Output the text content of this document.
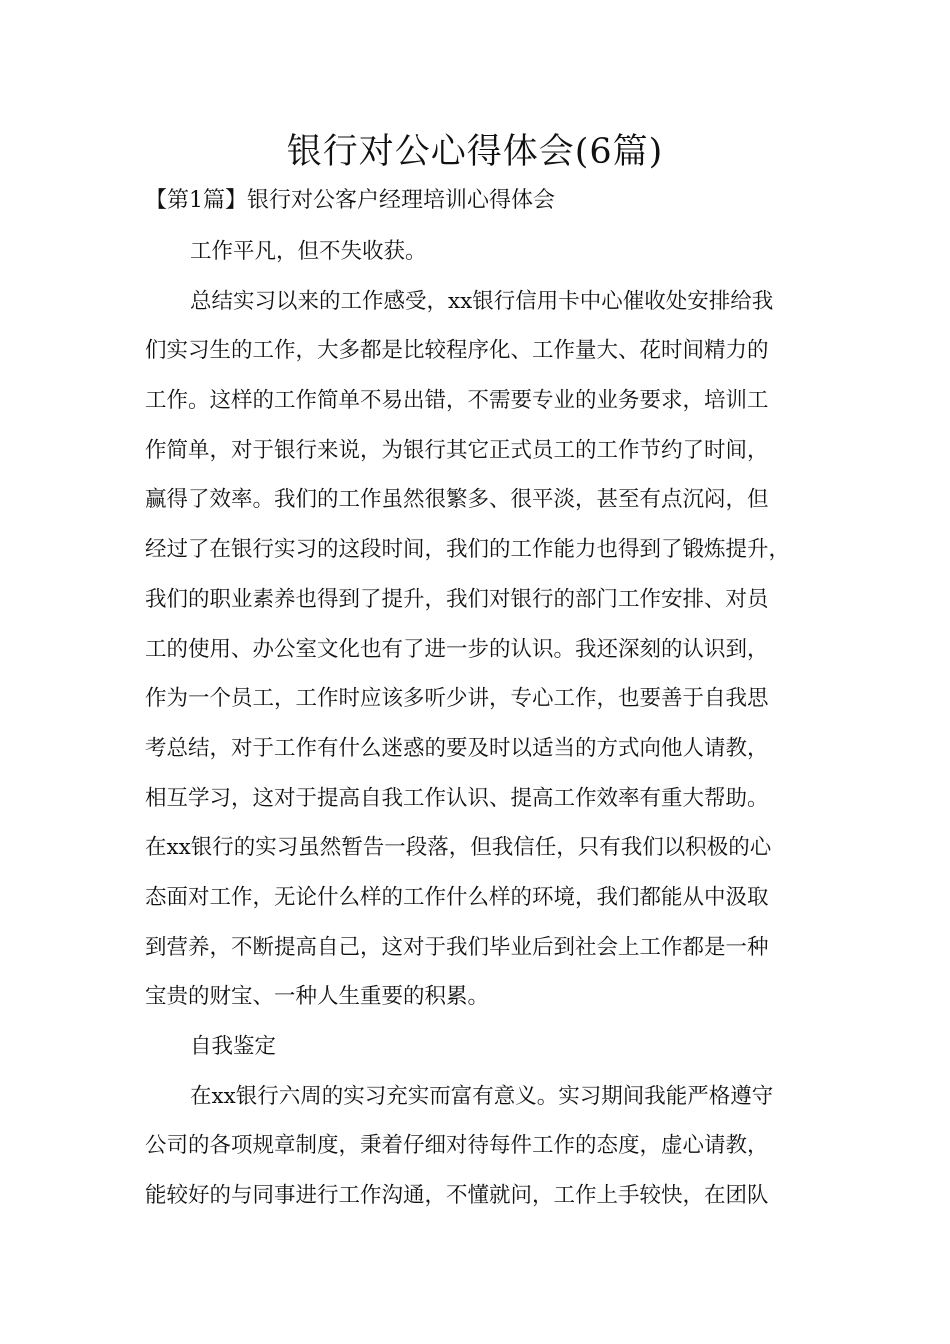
银行对公心得体会(6篇)

【第1篇】银行对公客户经理培训心得体会

工作平凡，但不失收获。

总结实习以来的工作感受，xx银行信用卡中心催收处安排给我

们实习生的工作，大多都是比较程序化、工作量大、花时间精力的

工作。这样的工作简单不易出错，不需要专业的业务要求，培训工

作简单，对于银行来说，为银行其它正式员工的工作节约了时间，

赢得了效率。我们的工作虽然很繁多、很平淡，甚至有点沉闷，但

经过了在银行实习的这段时间，我们的工作能力也得到了锻炼提升，

我们的职业素养也得到了提升，我们对银行的部门工作安排、对员

工的使用、办公室文化也有了进一步的认识。我还深刻的认识到，

作为一个员工，工作时应该多听少讲，专心工作，也要善于自我思

考总结，对于工作有什么迷惑的要及时以适当的方式向他人请教，

相互学习，这对于提高自我工作认识、提高工作效率有重大帮助。

在xx银行的实习虽然暂告一段落，但我信任，只有我们以积极的心

态面对工作，无论什么样的工作什么样的环境，我们都能从中汲取

到营养，不断提高自己，这对于我们毕业后到社会上工作都是一种

宝贵的财宝、一种人生重要的积累。

自我鉴定

在xx银行六周的实习充实而富有意义。实习期间我能严格遵守

公司的各项规章制度，秉着仔细对待每件工作的态度，虚心请教，

能较好的与同事进行工作沟通，不懂就问，工作上手较快，在团队
